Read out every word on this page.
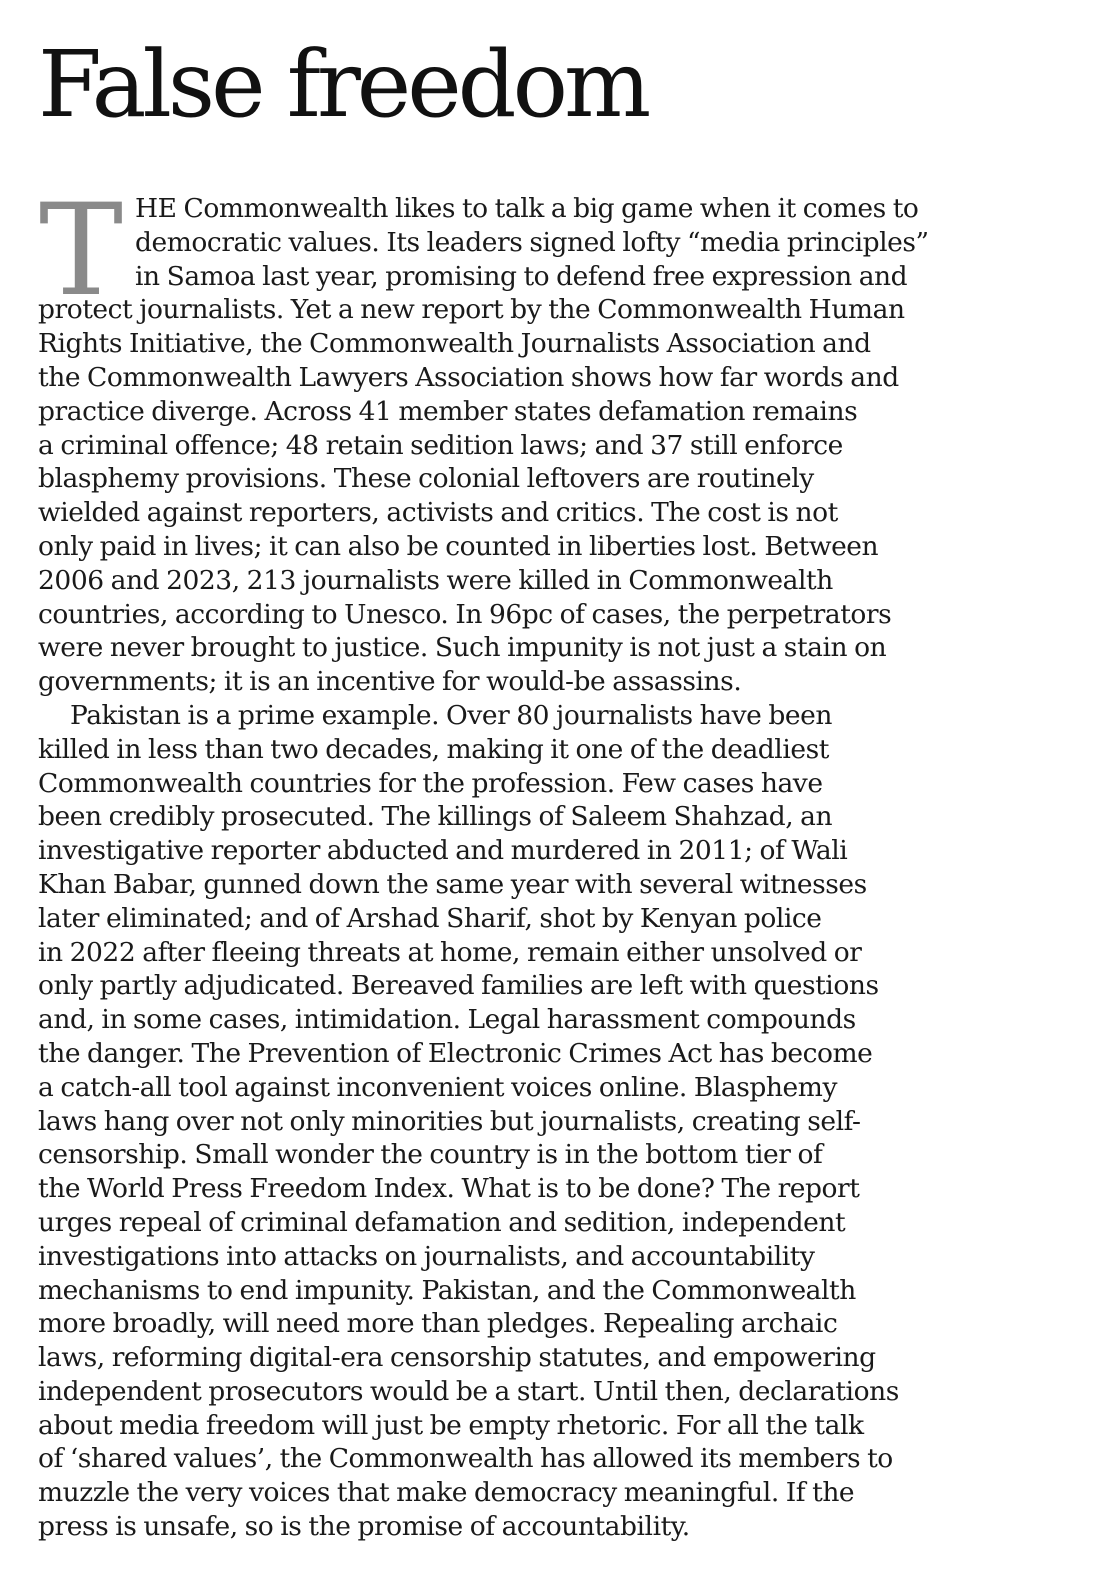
False freedom
T HE Commonwealth likes to talk a big game when it comes to
democratic values. Its leaders signed lofty “media principles”
in Samoa last year, promising to defend free expression and
protect journalists. Yet a new report by the Commonwealth Human
Rights Initiative, the Commonwealth Journalists Association and
the Commonwealth Lawyers Association shows how far words and
practice diverge. Across 41 member states defamation remains
a criminal offence; 48 retain sedition laws; and 37 still enforce
blasphemy provisions. These colonial leftovers are routinely
wielded against reporters, activists and critics. The cost is not
only paid in lives; it can also be counted in liberties lost. Between
2006 and 2023, 213 journalists were killed in Commonwealth
countries, according to Unesco. In 96pc of cases, the perpetrators
were never brought to justice. Such impunity is not just a stain on
governments; it is an incentive for would-be assassins.
Pakistan is a prime example. Over 80 journalists have been
killed in less than two decades, making it one of the deadliest
Commonwealth countries for the profession. Few cases have
been credibly prosecuted. The killings of Saleem Shahzad, an
investigative reporter abducted and murdered in 2011; of Wali
Khan Babar, gunned down the same year with several witnesses
later eliminated; and of Arshad Sharif, shot by Kenyan police
in 2022 after fleeing threats at home, remain either unsolved or
only partly adjudicated. Bereaved families are left with questions
and, in some cases, intimidation. Legal harassment compounds
the danger. The Prevention of Electronic Crimes Act has become
a catch-all tool against inconvenient voices online. Blasphemy
laws hang over not only minorities but journalists, creating self-
censorship. Small wonder the country is in the bottom tier of
the World Press Freedom Index. What is to be done? The report
urges repeal of criminal defamation and sedition, independent
investigations into attacks on journalists, and accountability
mechanisms to end impunity. Pakistan, and the Commonwealth
more broadly, will need more than pledges. Repealing archaic
laws, reforming digital-era censorship statutes, and empowering
independent prosecutors would be a start. Until then, declarations
about media freedom will just be empty rhetoric. For all the talk
of ‘shared values’, the Commonwealth has allowed its members to
muzzle the very voices that make democracy meaningful. If the
press is unsafe, so is the promise of accountability.
